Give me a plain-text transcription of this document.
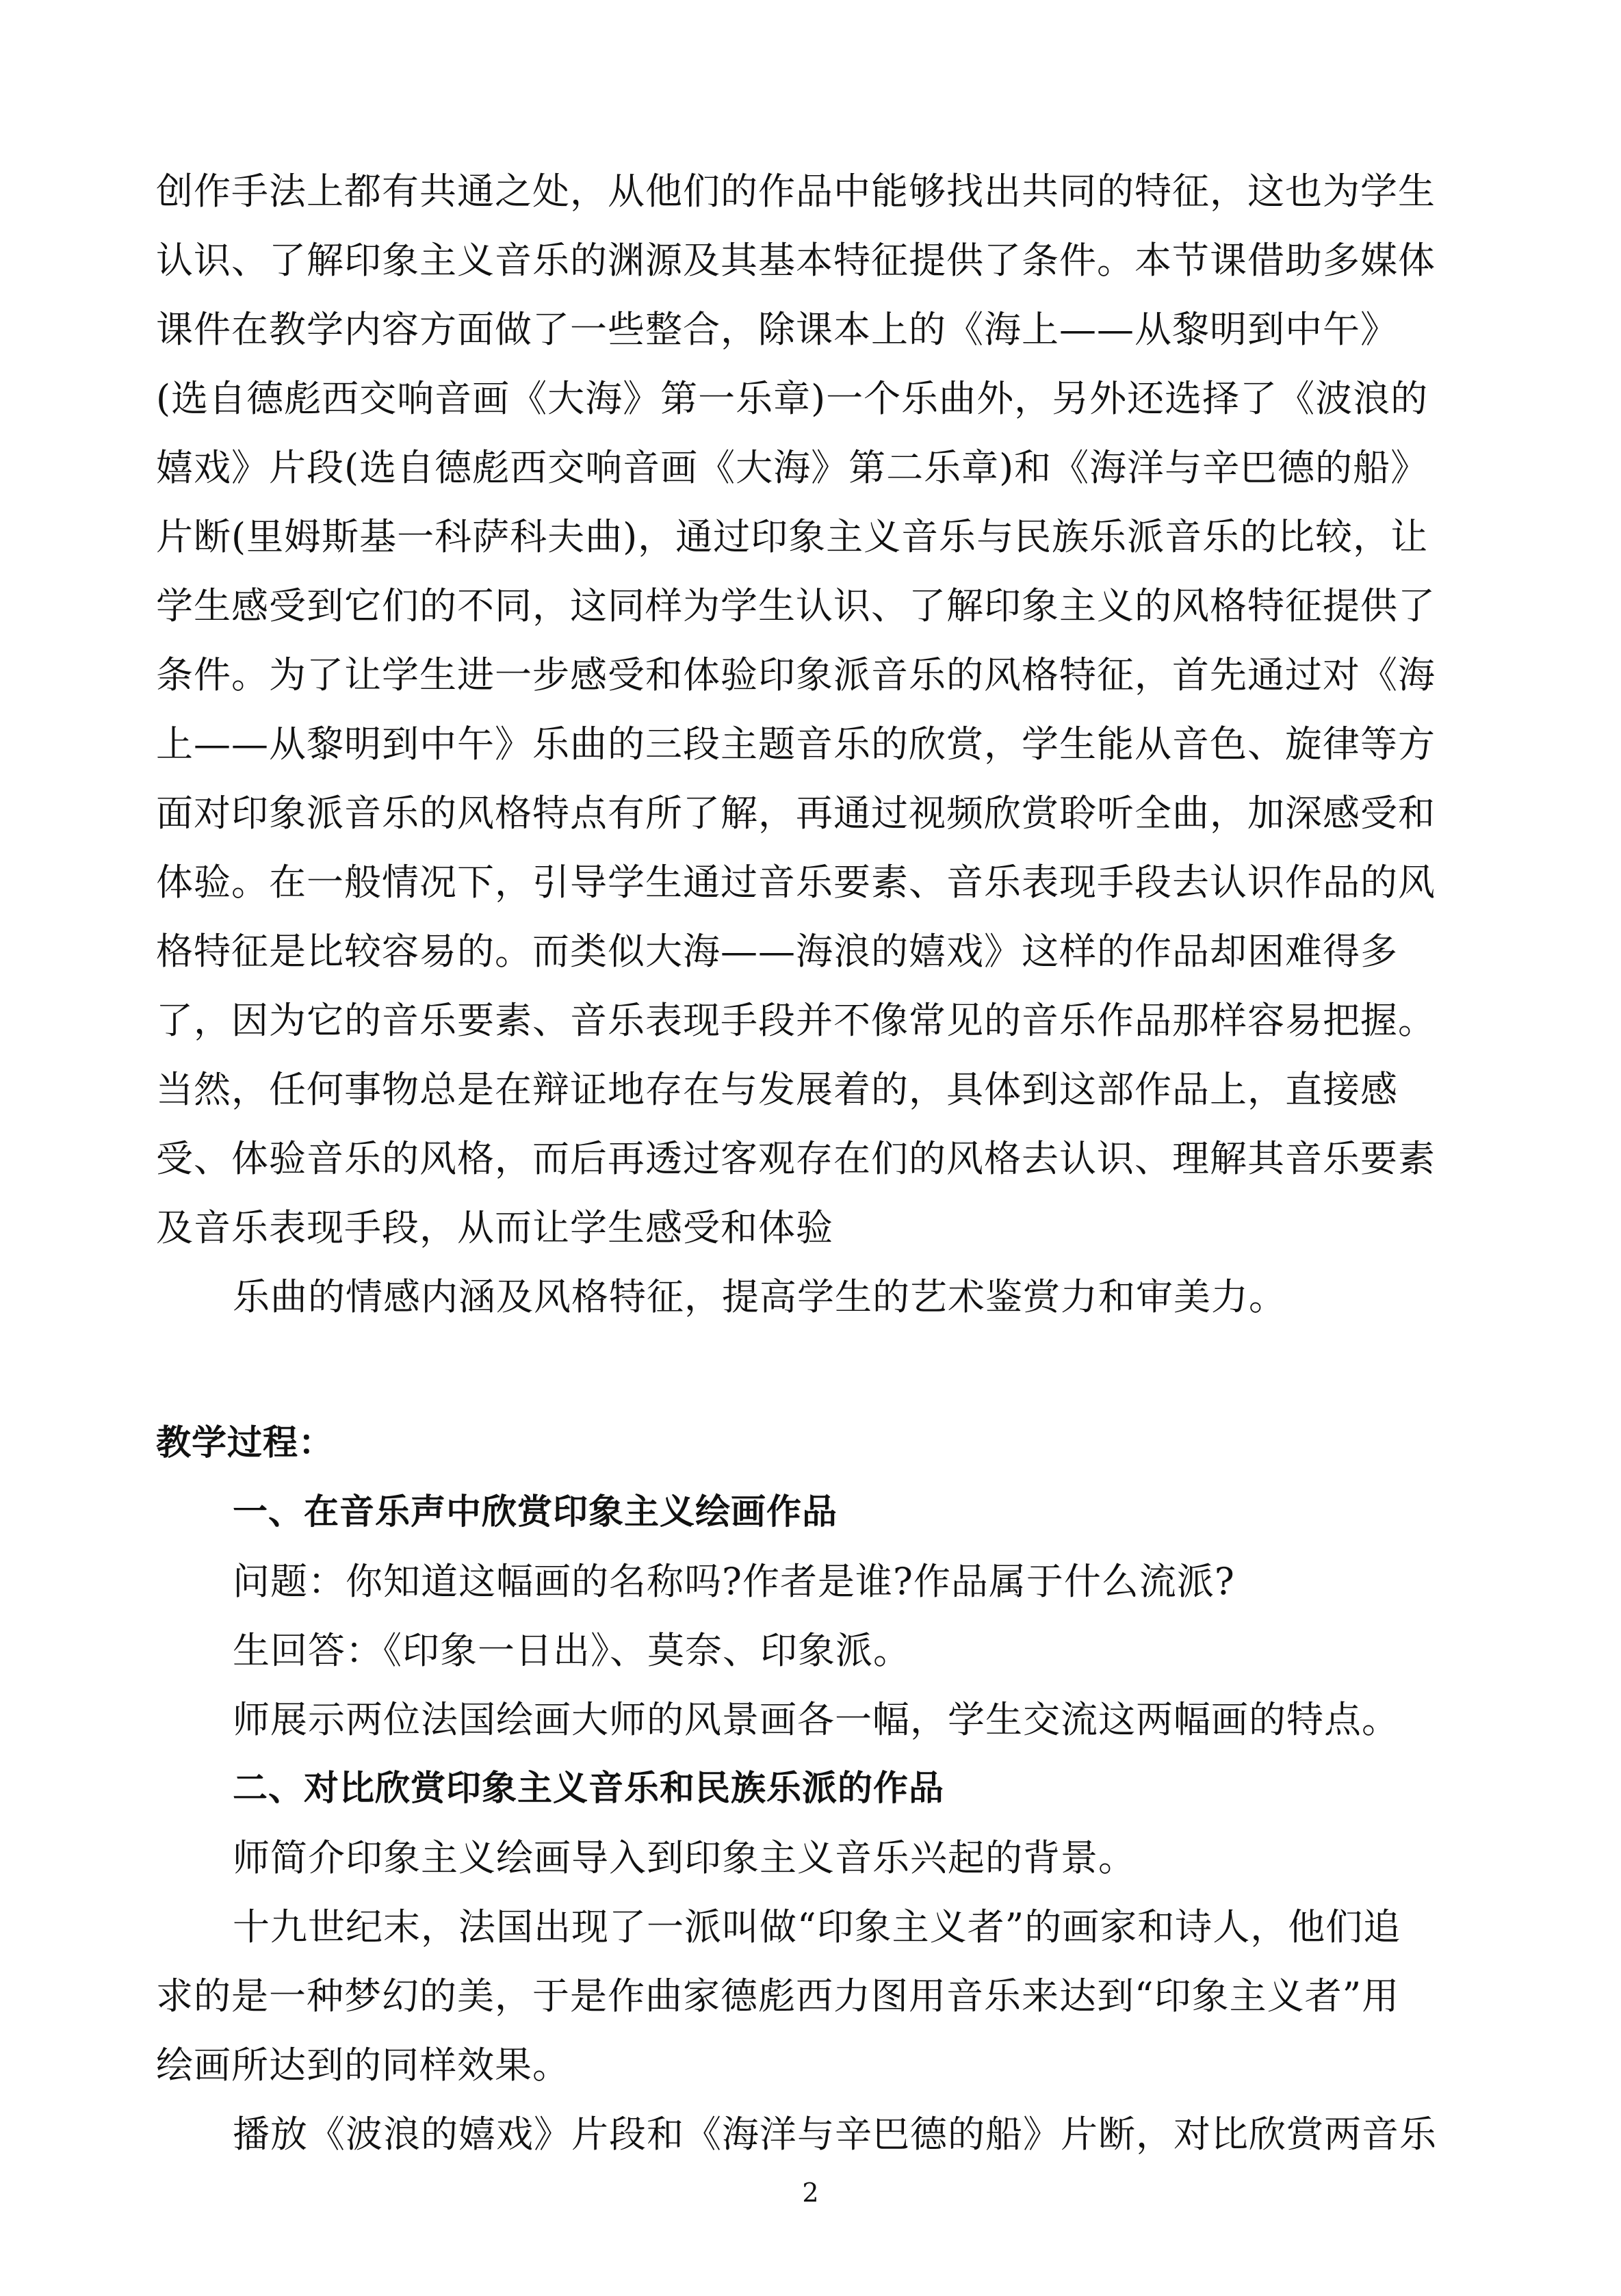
创作手法上都有共通之处，从他们的作品中能够找出共同的特征，这也为学生
认识、了解印象主义音乐的渊源及其基本特征提供了条件。本节课借助多媒体
课件在教学内容方面做了一些整合，除课本上的《海上——从黎明到中午》
(选自德彪西交响音画《大海》第一乐章)一个乐曲外，另外还选择了《波浪的
嬉戏》片段(选自德彪西交响音画《大海》第二乐章)和《海洋与辛巴德的船》
片断(里姆斯基一科萨科夫曲)，通过印象主义音乐与民族乐派音乐的比较，让
学生感受到它们的不同，这同样为学生认识、了解印象主义的风格特征提供了
条件。为了让学生进一步感受和体验印象派音乐的风格特征，首先通过对《海
上——从黎明到中午》乐曲的三段主题音乐的欣赏，学生能从音色、旋律等方
面对印象派音乐的风格特点有所了解，再通过视频欣赏聆听全曲，加深感受和
体验。在一般情况下，引导学生通过音乐要素、音乐表现手段去认识作品的风
格特征是比较容易的。而类似大海——海浪的嬉戏》这样的作品却困难得多
了，因为它的音乐要素、音乐表现手段并不像常见的音乐作品那样容易把握。
当然，任何事物总是在辩证地存在与发展着的，具体到这部作品上，直接感
受、体验音乐的风格，而后再透过客观存在们的风格去认识、理解其音乐要素
及音乐表现手段，从而让学生感受和体验
乐曲的情感内涵及风格特征，提高学生的艺术鉴赏力和审美力。
教学过程：
一、在音乐声中欣赏印象主义绘画作品
问题：你知道这幅画的名称吗?作者是谁?作品属于什么流派?
生回答：《印象一日出》、莫奈、印象派。
师展示两位法国绘画大师的风景画各一幅，学生交流这两幅画的特点。
二、对比欣赏印象主义音乐和民族乐派的作品
师简介印象主义绘画导入到印象主义音乐兴起的背景。
十九世纪末，法国出现了一派叫做“印象主义者”的画家和诗人，他们追
求的是一种梦幻的美，于是作曲家德彪西力图用音乐来达到“印象主义者”用
绘画所达到的同样效果。
播放《波浪的嬉戏》片段和《海洋与辛巴德的船》片断，对比欣赏两音乐
2
